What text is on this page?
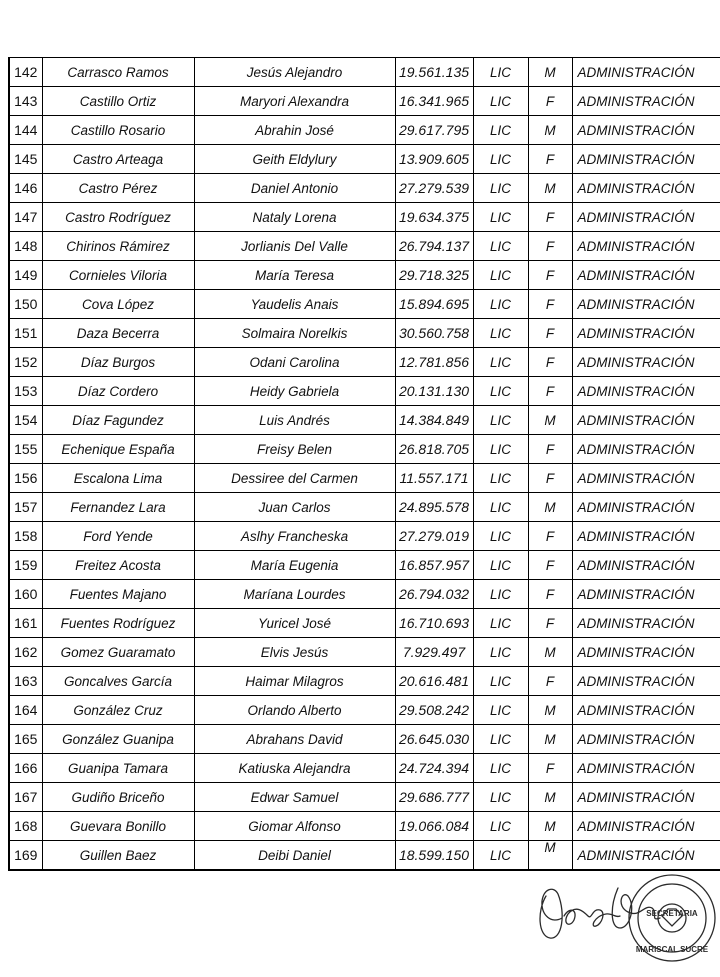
142	Carrasco Ramos	Jesús Alejandro	19.561.135	LIC	M	ADMINISTRACIÓN
143	Castillo Ortiz	Maryori Alexandra	16.341.965	LIC	F	ADMINISTRACIÓN
144	Castillo Rosario	Abrahin José	29.617.795	LIC	M	ADMINISTRACIÓN
145	Castro Arteaga	Geith Eldylury	13.909.605	LIC	F	ADMINISTRACIÓN
146	Castro Pérez	Daniel Antonio	27.279.539	LIC	M	ADMINISTRACIÓN
147	Castro Rodríguez	Nataly Lorena	19.634.375	LIC	F	ADMINISTRACIÓN
148	Chirinos Rámirez	Jorlianis Del Valle	26.794.137	LIC	F	ADMINISTRACIÓN
149	Cornieles Viloria	María Teresa	29.718.325	LIC	F	ADMINISTRACIÓN
150	Cova López	Yaudelis Anais	15.894.695	LIC	F	ADMINISTRACIÓN
151	Daza Becerra	Solmaira Norelkis	30.560.758	LIC	F	ADMINISTRACIÓN
152	Díaz Burgos	Odani Carolina	12.781.856	LIC	F	ADMINISTRACIÓN
153	Díaz Cordero	Heidy Gabriela	20.131.130	LIC	F	ADMINISTRACIÓN
154	Díaz Fagundez	Luis Andrés	14.384.849	LIC	M	ADMINISTRACIÓN
155	Echenique España	Freisy Belen	26.818.705	LIC	F	ADMINISTRACIÓN
156	Escalona Lima	Dessiree del Carmen	11.557.171	LIC	F	ADMINISTRACIÓN
157	Fernandez Lara	Juan Carlos	24.895.578	LIC	M	ADMINISTRACIÓN
158	Ford Yende	Aslhy Francheska	27.279.019	LIC	F	ADMINISTRACIÓN
159	Freitez Acosta	María Eugenia	16.857.957	LIC	F	ADMINISTRACIÓN
160	Fuentes Majano	Maríana Lourdes	26.794.032	LIC	F	ADMINISTRACIÓN
161	Fuentes Rodríguez	Yuricel José	16.710.693	LIC	F	ADMINISTRACIÓN
162	Gomez Guaramato	Elvis Jesús	7.929.497	LIC	M	ADMINISTRACIÓN
163	Goncalves García	Haimar Milagros	20.616.481	LIC	F	ADMINISTRACIÓN
164	González Cruz	Orlando Alberto	29.508.242	LIC	M	ADMINISTRACIÓN
165	González Guanipa	Abrahans David	26.645.030	LIC	M	ADMINISTRACIÓN
166	Guanipa Tamara	Katiuska Alejandra	24.724.394	LIC	F	ADMINISTRACIÓN
167	Gudiño Briceño	Edwar Samuel	29.686.777	LIC	M	ADMINISTRACIÓN
168	Guevara Bonillo	Giomar Alfonso	19.066.084	LIC	M	ADMINISTRACIÓN
169	Guillen Baez	Deibi Daniel	18.599.150	LIC	M	ADMINISTRACIÓN
SECRETARIA
MARISCAL SUCRE
